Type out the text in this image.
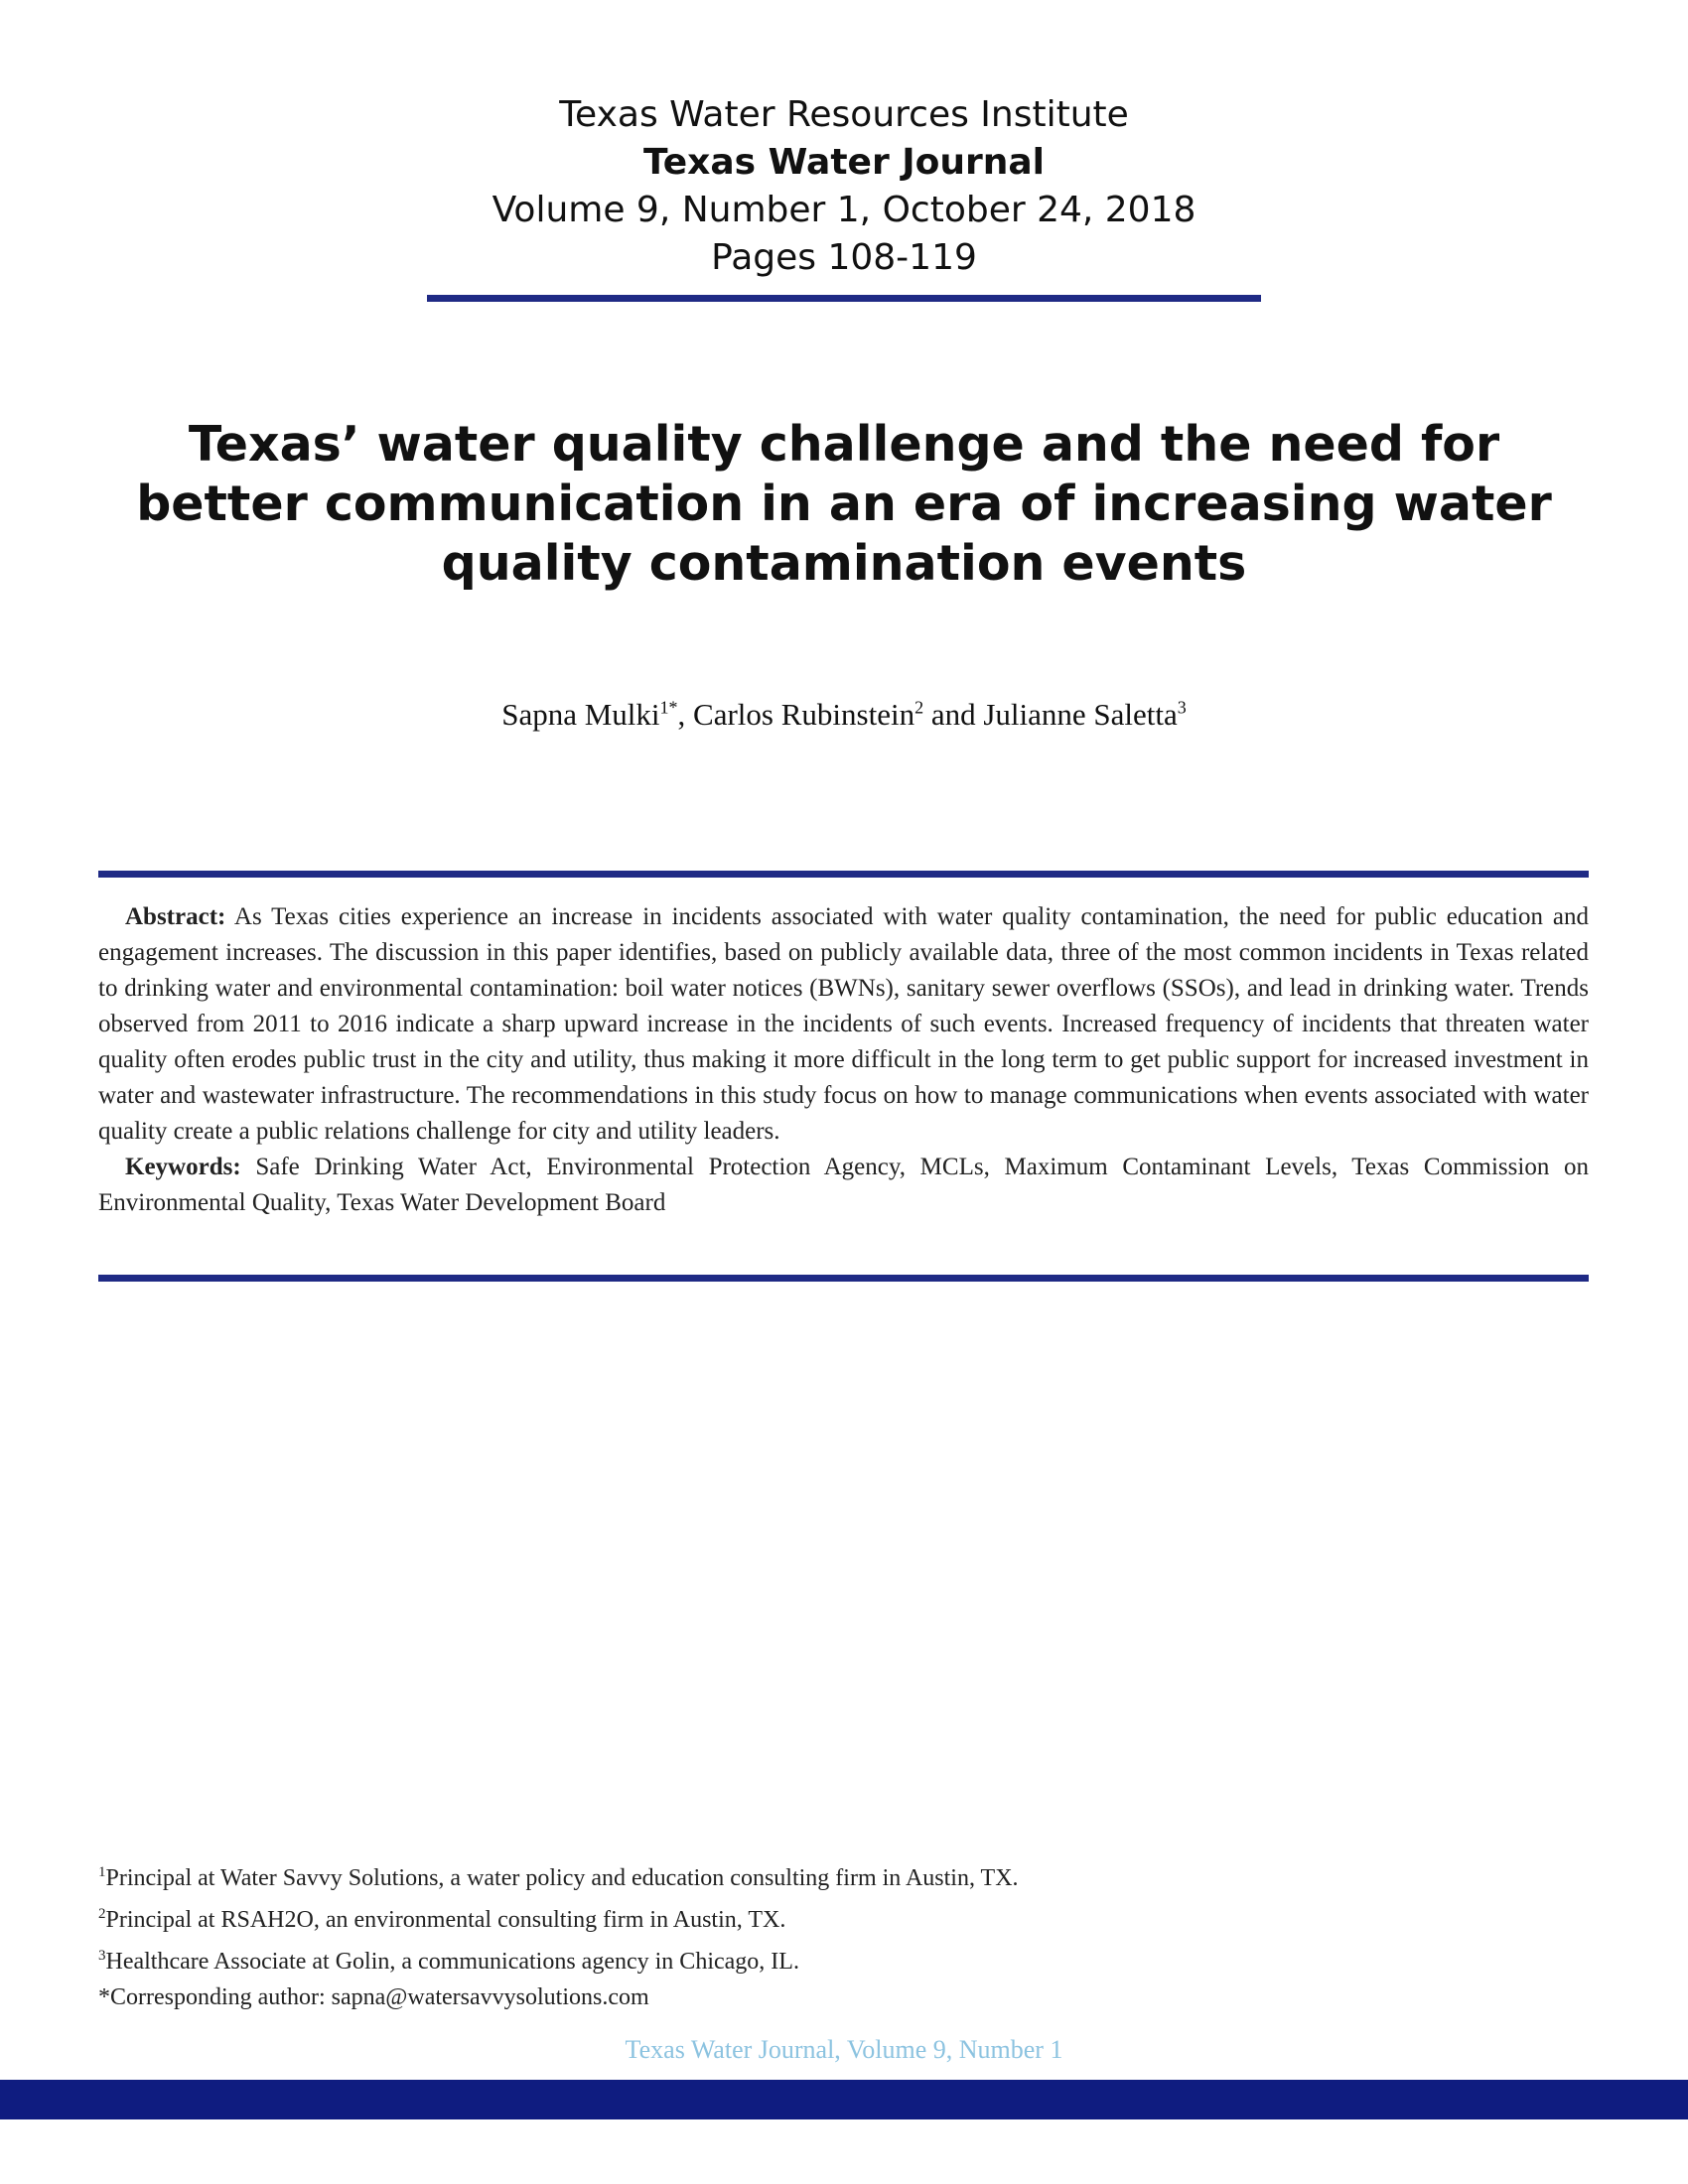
Texas Water Resources Institute
Texas Water Journal
Volume 9, Number 1, October 24, 2018
Pages 108-119
Texas’ water quality challenge and the need for
better communication in an era of increasing water
quality contamination events
Sapna Mulki$^{1*}$, Carlos Rubinstein$^2$ and Julianne Saletta$^3$

Abstract: As Texas cities experience an increase in incidents associated with water quality contamination, the need for public education and engagement increases. The discussion in this paper identifies, based on publicly available data, three of the most common incidents in Texas related to drinking water and environmental contamination: boil water notices (BWNs), sanitary sewer overflows (SSOs), and lead in drinking water. Trends observed from 2011 to 2016 indicate a sharp upward increase in the incidents of such events. Increased frequency of incidents that threaten water quality often erodes public trust in the city and utility, thus making it more difficult in the long term to get public support for increased investment in water and wastewater infrastructure. The recommendations in this study focus on how to manage communications when events associated with water quality create a public relations challenge for city and utility leaders.

Keywords: Safe Drinking Water Act, Environmental Protection Agency, MCLs, Maximum Contaminant Levels, Texas Commission on Environmental Quality, Texas Water Development Board

$^1$Principal at Water Savvy Solutions, a water policy and education consulting firm in Austin, TX.
$^2$Principal at RSAH2O, an environmental consulting firm in Austin, TX.
$^3$Healthcare Associate at Golin, a communications agency in Chicago, IL.
*Corresponding author: sapna@watersavvysolutions.com
Texas Water Journal, Volume 9, Number 1
